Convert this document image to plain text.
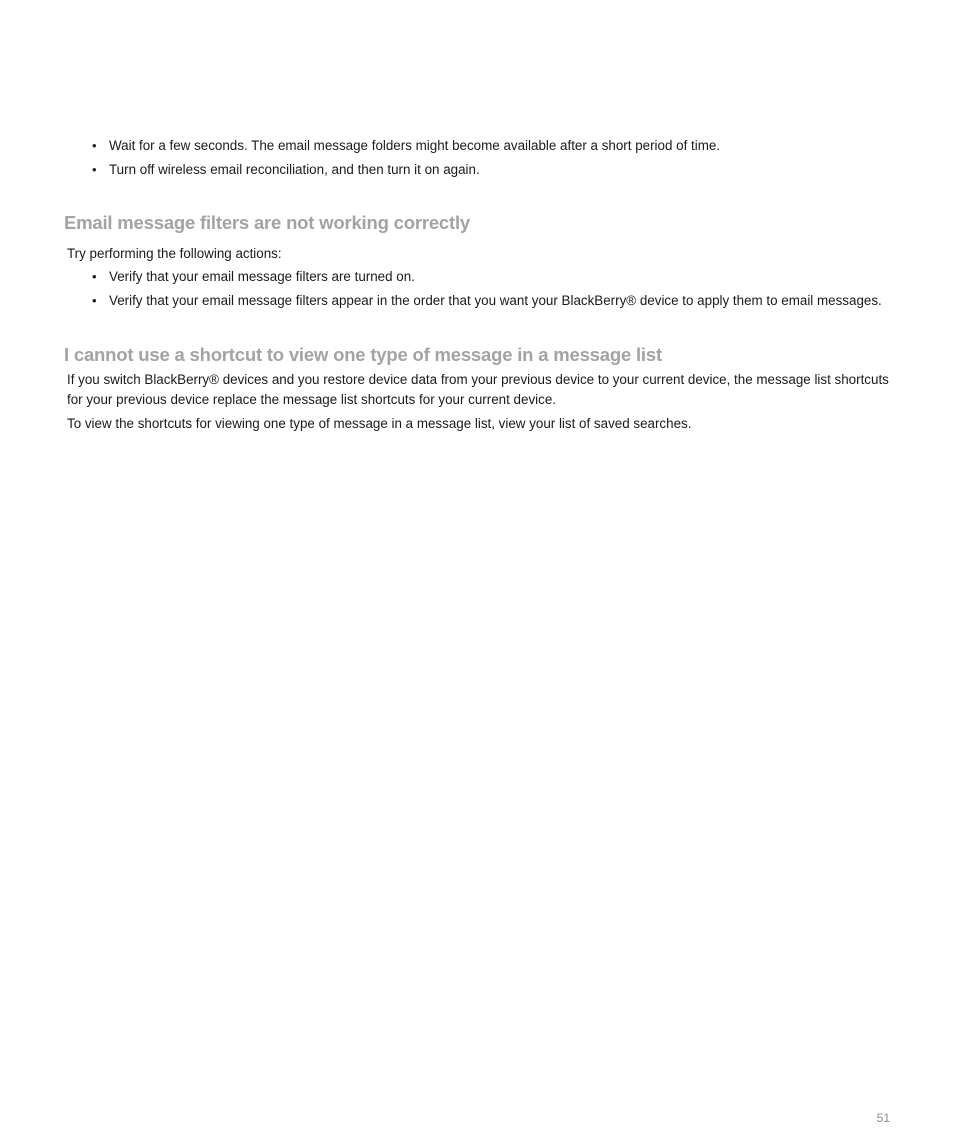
• Wait for a few seconds. The email message folders might become available after a short period of time.
• Turn off wireless email reconciliation, and then turn it on again.
Email message filters are not working correctly

Try performing the following actions:

• Verify that your email message filters are turned on.
• Verify that your email message filters appear in the order that you want your BlackBerry® device to apply them to email messages.
I cannot use a shortcut to view one type of message in a message list

If you switch BlackBerry® devices and you restore device data from your previous device to your current device, the message list shortcuts for your previous device replace the message list shortcuts for your current device.

To view the shortcuts for viewing one type of message in a message list, view your list of saved searches.

51
